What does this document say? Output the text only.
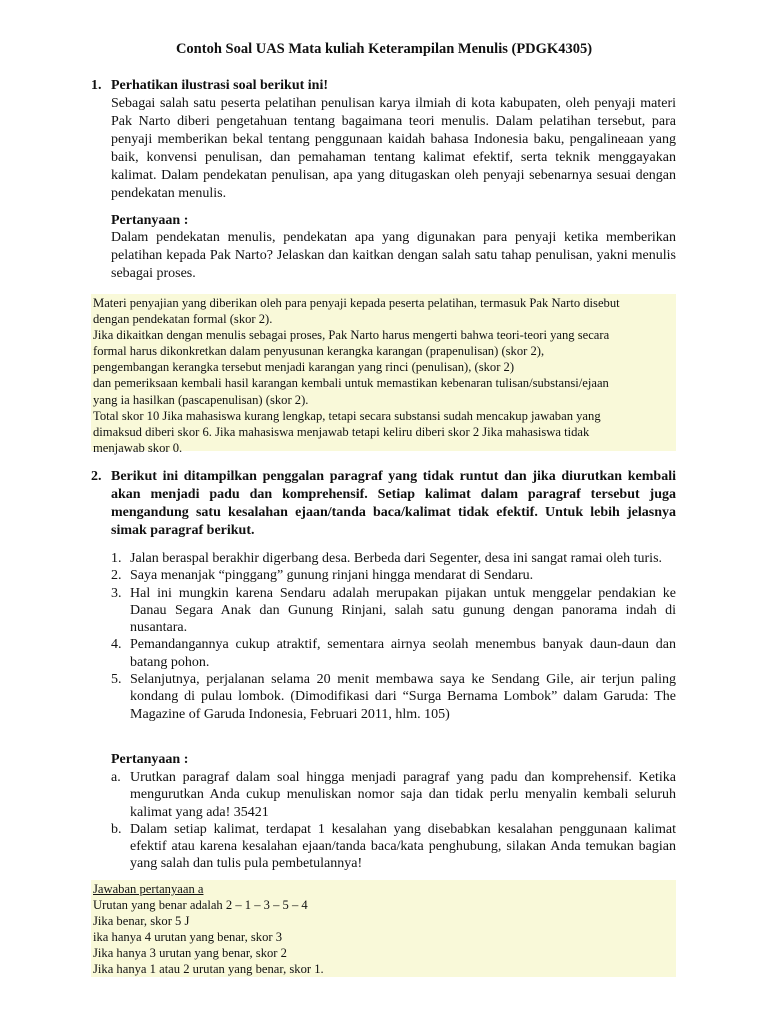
Contoh Soal UAS Mata kuliah Keterampilan Menulis (PDGK4305)
1. Perhatikan ilustrasi soal berikut ini!
Sebagai salah satu peserta pelatihan penulisan karya ilmiah di kota kabupaten, oleh penyaji materi Pak Narto diberi pengetahuan tentang bagaimana teori menulis. Dalam pelatihan tersebut, para penyaji memberikan bekal tentang penggunaan kaidah bahasa Indonesia baku, pengalineaan yang baik, konvensi penulisan, dan pemahaman tentang kalimat efektif, serta teknik menggayakan kalimat. Dalam pendekatan penulisan, apa yang ditugaskan oleh penyaji sebenarnya sesuai dengan pendekatan menulis.
Pertanyaan :
Dalam pendekatan menulis, pendekatan apa yang digunakan para penyaji ketika memberikan pelatihan kepada Pak Narto? Jelaskan dan kaitkan dengan salah satu tahap penulisan, yakni menulis sebagai proses.
Materi penyajian yang diberikan oleh para penyaji kepada peserta pelatihan, termasuk Pak Narto disebut
dengan pendekatan formal (skor 2).
Jika dikaitkan dengan menulis sebagai proses, Pak Narto harus mengerti bahwa teori-teori yang secara
formal harus dikonkretkan dalam penyusunan kerangka karangan (prapenulisan) (skor 2),
pengembangan kerangka tersebut menjadi karangan yang rinci (penulisan), (skor 2)
dan pemeriksaan kembali hasil karangan kembali untuk memastikan kebenaran tulisan/substansi/ejaan
yang ia hasilkan (pascapenulisan) (skor 2).
Total skor 10 Jika mahasiswa kurang lengkap, tetapi secara substansi sudah mencakup jawaban yang
dimaksud diberi skor 6. Jika mahasiswa menjawab tetapi keliru diberi skor 2 Jika mahasiswa tidak
menjawab skor 0.
2. Berikut ini ditampilkan penggalan paragraf yang tidak runtut dan jika diurutkan kembali akan menjadi padu dan komprehensif. Setiap kalimat dalam paragraf tersebut juga mengandung satu kesalahan ejaan/tanda baca/kalimat tidak efektif. Untuk lebih jelasnya simak paragraf berikut.
1. Jalan beraspal berakhir digerbang desa. Berbeda dari Segenter, desa ini sangat ramai oleh turis.
2. Saya menanjak “pinggang” gunung rinjani hingga mendarat di Sendaru.
3. Hal ini mungkin karena Sendaru adalah merupakan pijakan untuk menggelar pendakian ke Danau Segara Anak dan Gunung Rinjani, salah satu gunung dengan panorama indah di nusantara.
4. Pemandangannya cukup atraktif, sementara airnya seolah menembus banyak daun-daun dan batang pohon.
5. Selanjutnya, perjalanan selama 20 menit membawa saya ke Sendang Gile, air terjun paling kondang di pulau lombok. (Dimodifikasi dari “Surga Bernama Lombok” dalam Garuda: The Magazine of Garuda Indonesia, Februari 2011, hlm. 105)
Pertanyaan :
a. Urutkan paragraf dalam soal hingga menjadi paragraf yang padu dan komprehensif. Ketika mengurutkan Anda cukup menuliskan nomor saja dan tidak perlu menyalin kembali seluruh kalimat yang ada! 35421
b. Dalam setiap kalimat, terdapat 1 kesalahan yang disebabkan kesalahan penggunaan kalimat efektif atau karena kesalahan ejaan/tanda baca/kata penghubung, silakan Anda temukan bagian yang salah dan tulis pula pembetulannya!
Jawaban pertanyaan a
Urutan yang benar adalah 2 – 1 – 3 – 5 – 4
Jika benar, skor 5 J
ika hanya 4 urutan yang benar, skor 3
Jika hanya 3 urutan yang benar, skor 2
Jika hanya 1 atau 2 urutan yang benar, skor 1.
